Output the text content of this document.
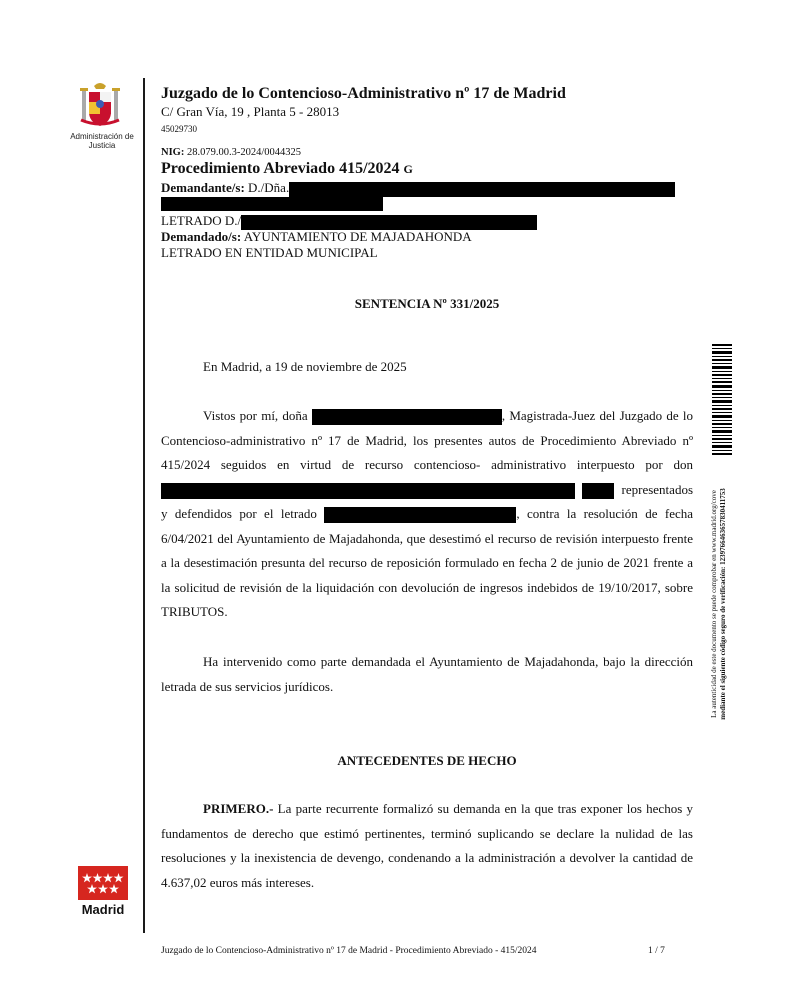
Administración de Justicia
Juzgado de lo Contencioso-Administrativo nº 17 de Madrid
C/ Gran Vía, 19 , Planta 5 - 28013
45029730
NIG: 28.079.00.3-2024/0044325
Procedimiento Abreviado 415/2024 G
Demandante/s: D./Dña.
LETRADO D./
Demandado/s: AYUNTAMIENTO DE MAJADAHONDA
LETRADO EN ENTIDAD MUNICIPAL
SENTENCIA Nº 331/2025
En Madrid, a 19 de noviembre de 2025
Vistos por mí, doña	, Magistrada-Juez del Juzgado de lo Contencioso-administrativo nº 17 de Madrid, los presentes autos de Procedimiento Abreviado nº 415/2024 seguidos en virtud de recurso contencioso- administrativo interpuesto por don   representados y defendidos por el letrado	, contra la resolución de fecha 6/04/2021 del Ayuntamiento de Majadahonda, que desestimó el recurso de revisión interpuesto frente a la desestimación presunta del recurso de reposición formulado en fecha 2 de junio de 2021 frente a la solicitud de revisión de la liquidación con devolución de ingresos indebidos de 19/10/2017, sobre TRIBUTOS.
Ha intervenido como parte demandada el Ayuntamiento de Majadahonda, bajo la dirección letrada de sus servicios jurídicos.
ANTECEDENTES DE HECHO
PRIMERO.- La parte recurrente formalizó su demanda en la que tras exponer los hechos y fundamentos de derecho que estimó pertinentes, terminó suplicando se declare la nulidad de las resoluciones y la inexistencia de devengo, condenando a la administración a devolver la cantidad de 4.637,02 euros más intereses.
La autenticidad de este documento se puede comprobar en www.madrid.org/cove mediante el siguiente código seguro de verificación: 1239766463657830411753
Madrid
Juzgado de lo Contencioso-Administrativo nº 17 de Madrid - Procedimiento Abreviado - 415/2024	1 / 7
